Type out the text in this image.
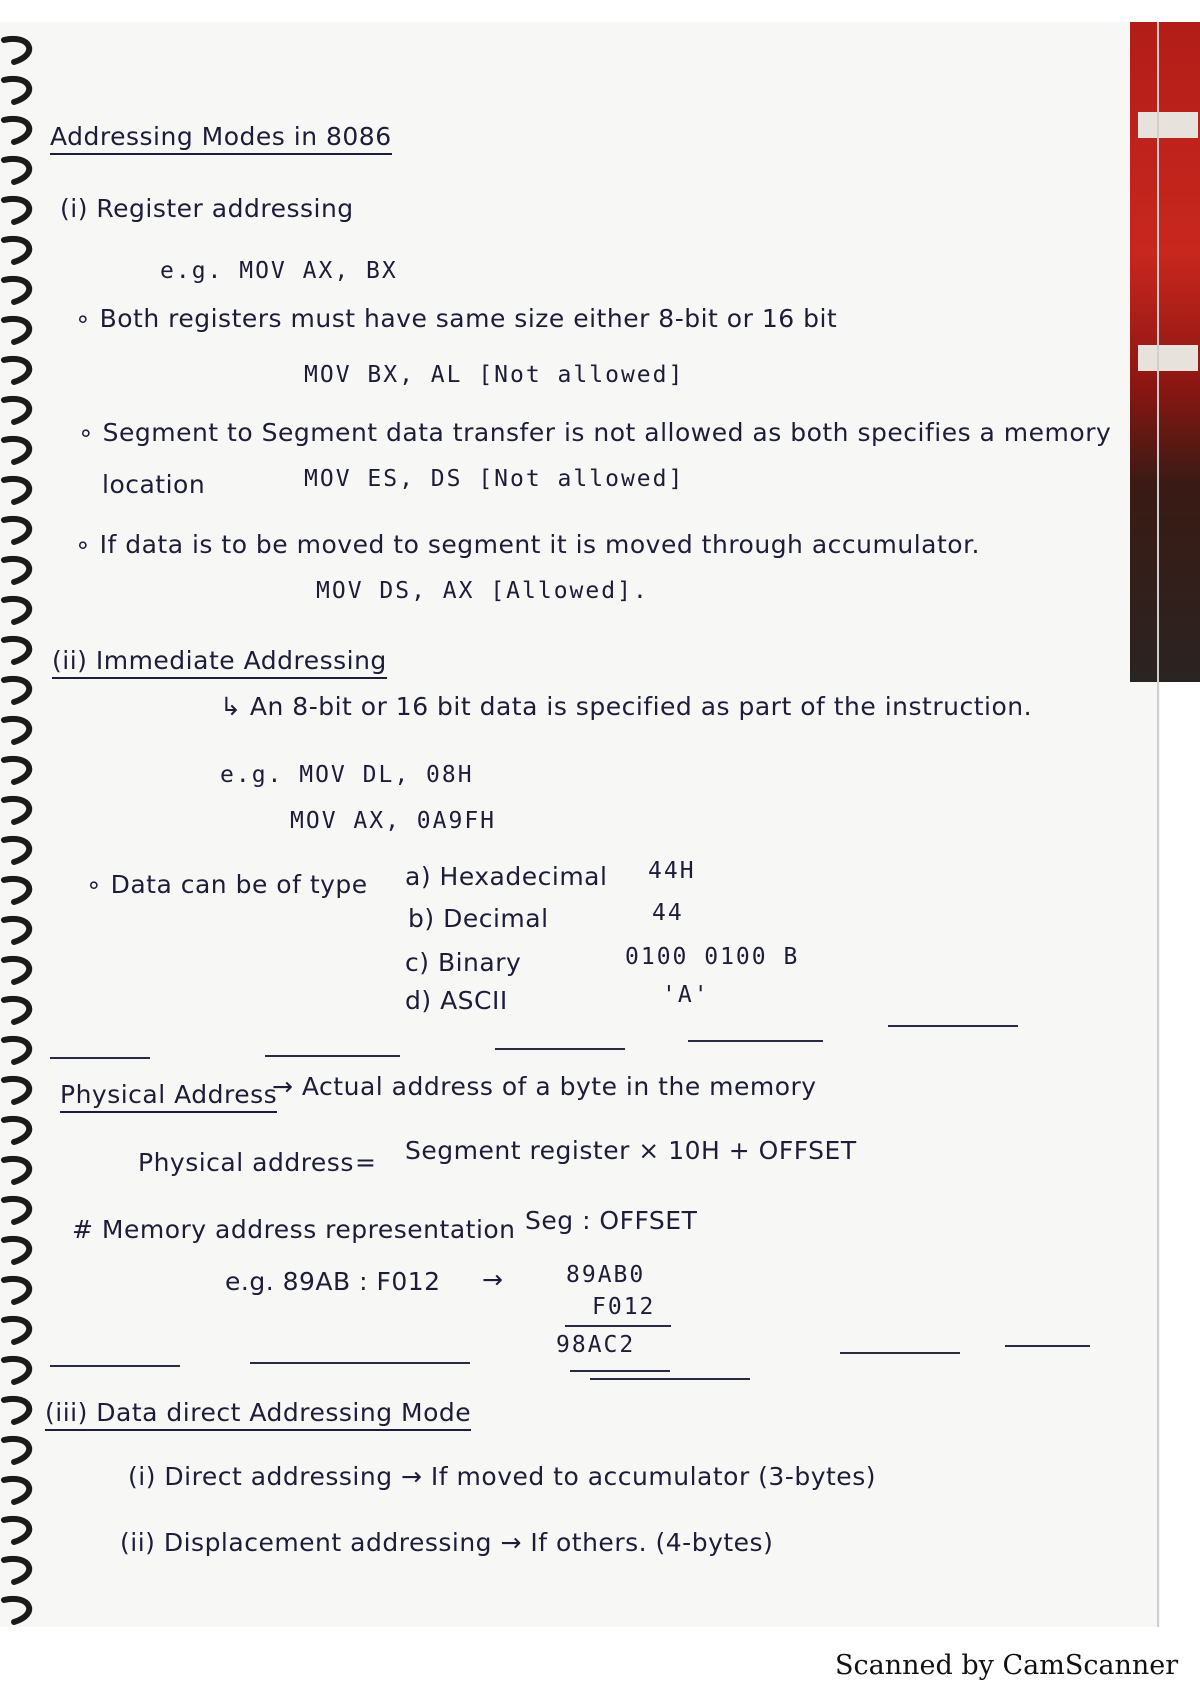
Addressing Modes in 8086
(i) Register addressing
e.g. MOV AX, BX
∘ Both registers must have same size either 8-bit or 16 bit
MOV BX, AL [Not allowed]
∘ Segment to Segment data transfer is not allowed as both specifies a memory
location	MOV ES, DS [Not allowed]
∘ If data is to be moved to segment it is moved through accumulator.
MOV DS, AX [Allowed].
(ii) Immediate Addressing
↳ An 8-bit or 16 bit data is specified as part of the instruction.
e.g. MOV DL, 08H
MOV AX, 0A9FH
∘ Data can be of type a) Hexadecimal 44H
b) Decimal	44
c) Binary	0100 0100 B
d) ASCII	'A'
Physical Address
→ Actual address of a byte in the memory
Physical address = Segment register × 10H + OFFSET
# Memory address representation Seg : OFFSET
e.g. 89AB : F012 →	89AB0
F012
98AC2
(iii) Data direct Addressing Mode
(i) Direct addressing → If moved to accumulator (3-bytes)
(ii) Displacement addressing → If others. (4-bytes)
Scanned by CamScanner
